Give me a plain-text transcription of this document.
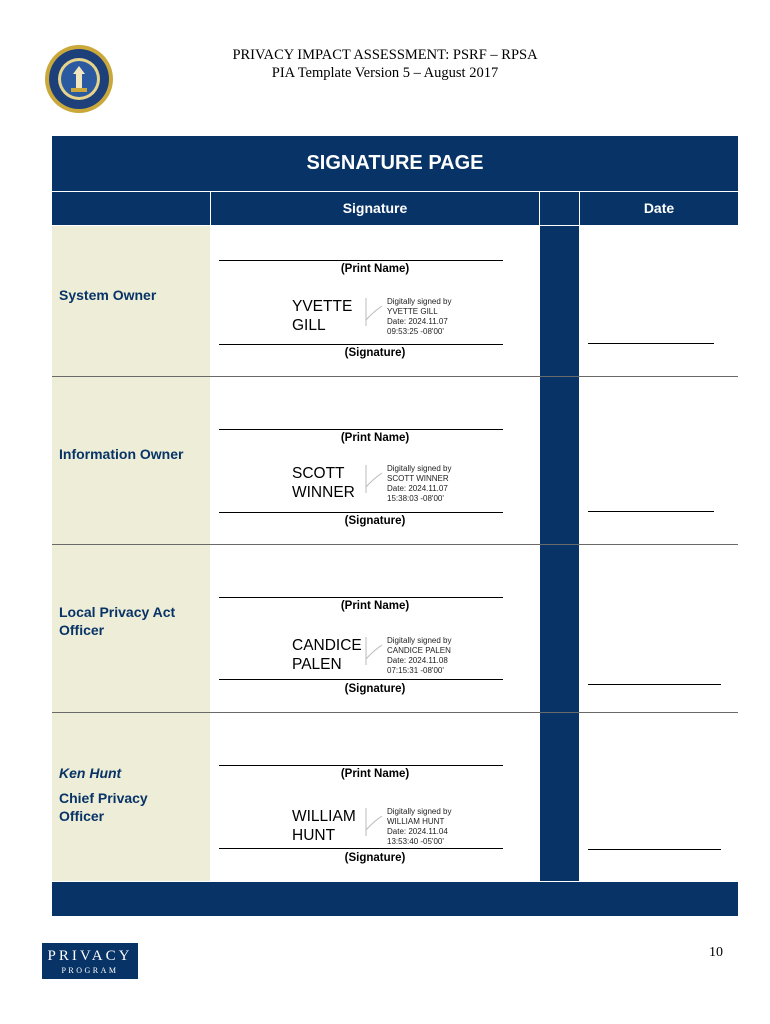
PRIVACY IMPACT ASSESSMENT: PSRF – RPSA
PIA Template Version 5 – August 2017
SIGNATURE PAGE
Signature	Date
System Owner
(Print Name)
YVETTE
GILL
Digitally signed by
YVETTE GILL
Date: 2024.11.07
09:53:25 -08'00'
(Signature)
Information Owner
(Print Name)
SCOTT
WINNER
Digitally signed by
SCOTT WINNER
Date: 2024.11.07
15:38:03 -08'00'
(Signature)
Local Privacy Act
Officer
(Print Name)
CANDICE
PALEN
Digitally signed by
CANDICE PALEN
Date: 2024.11.08
07:15:31 -08'00'
(Signature)
Ken Hunt
Chief Privacy
Officer
(Print Name)
WILLIAM
HUNT
Digitally signed by
WILLIAM HUNT
Date: 2024.11.04
13:53:40 -05'00'
(Signature)
PRIVACY
PROGRAM
10
